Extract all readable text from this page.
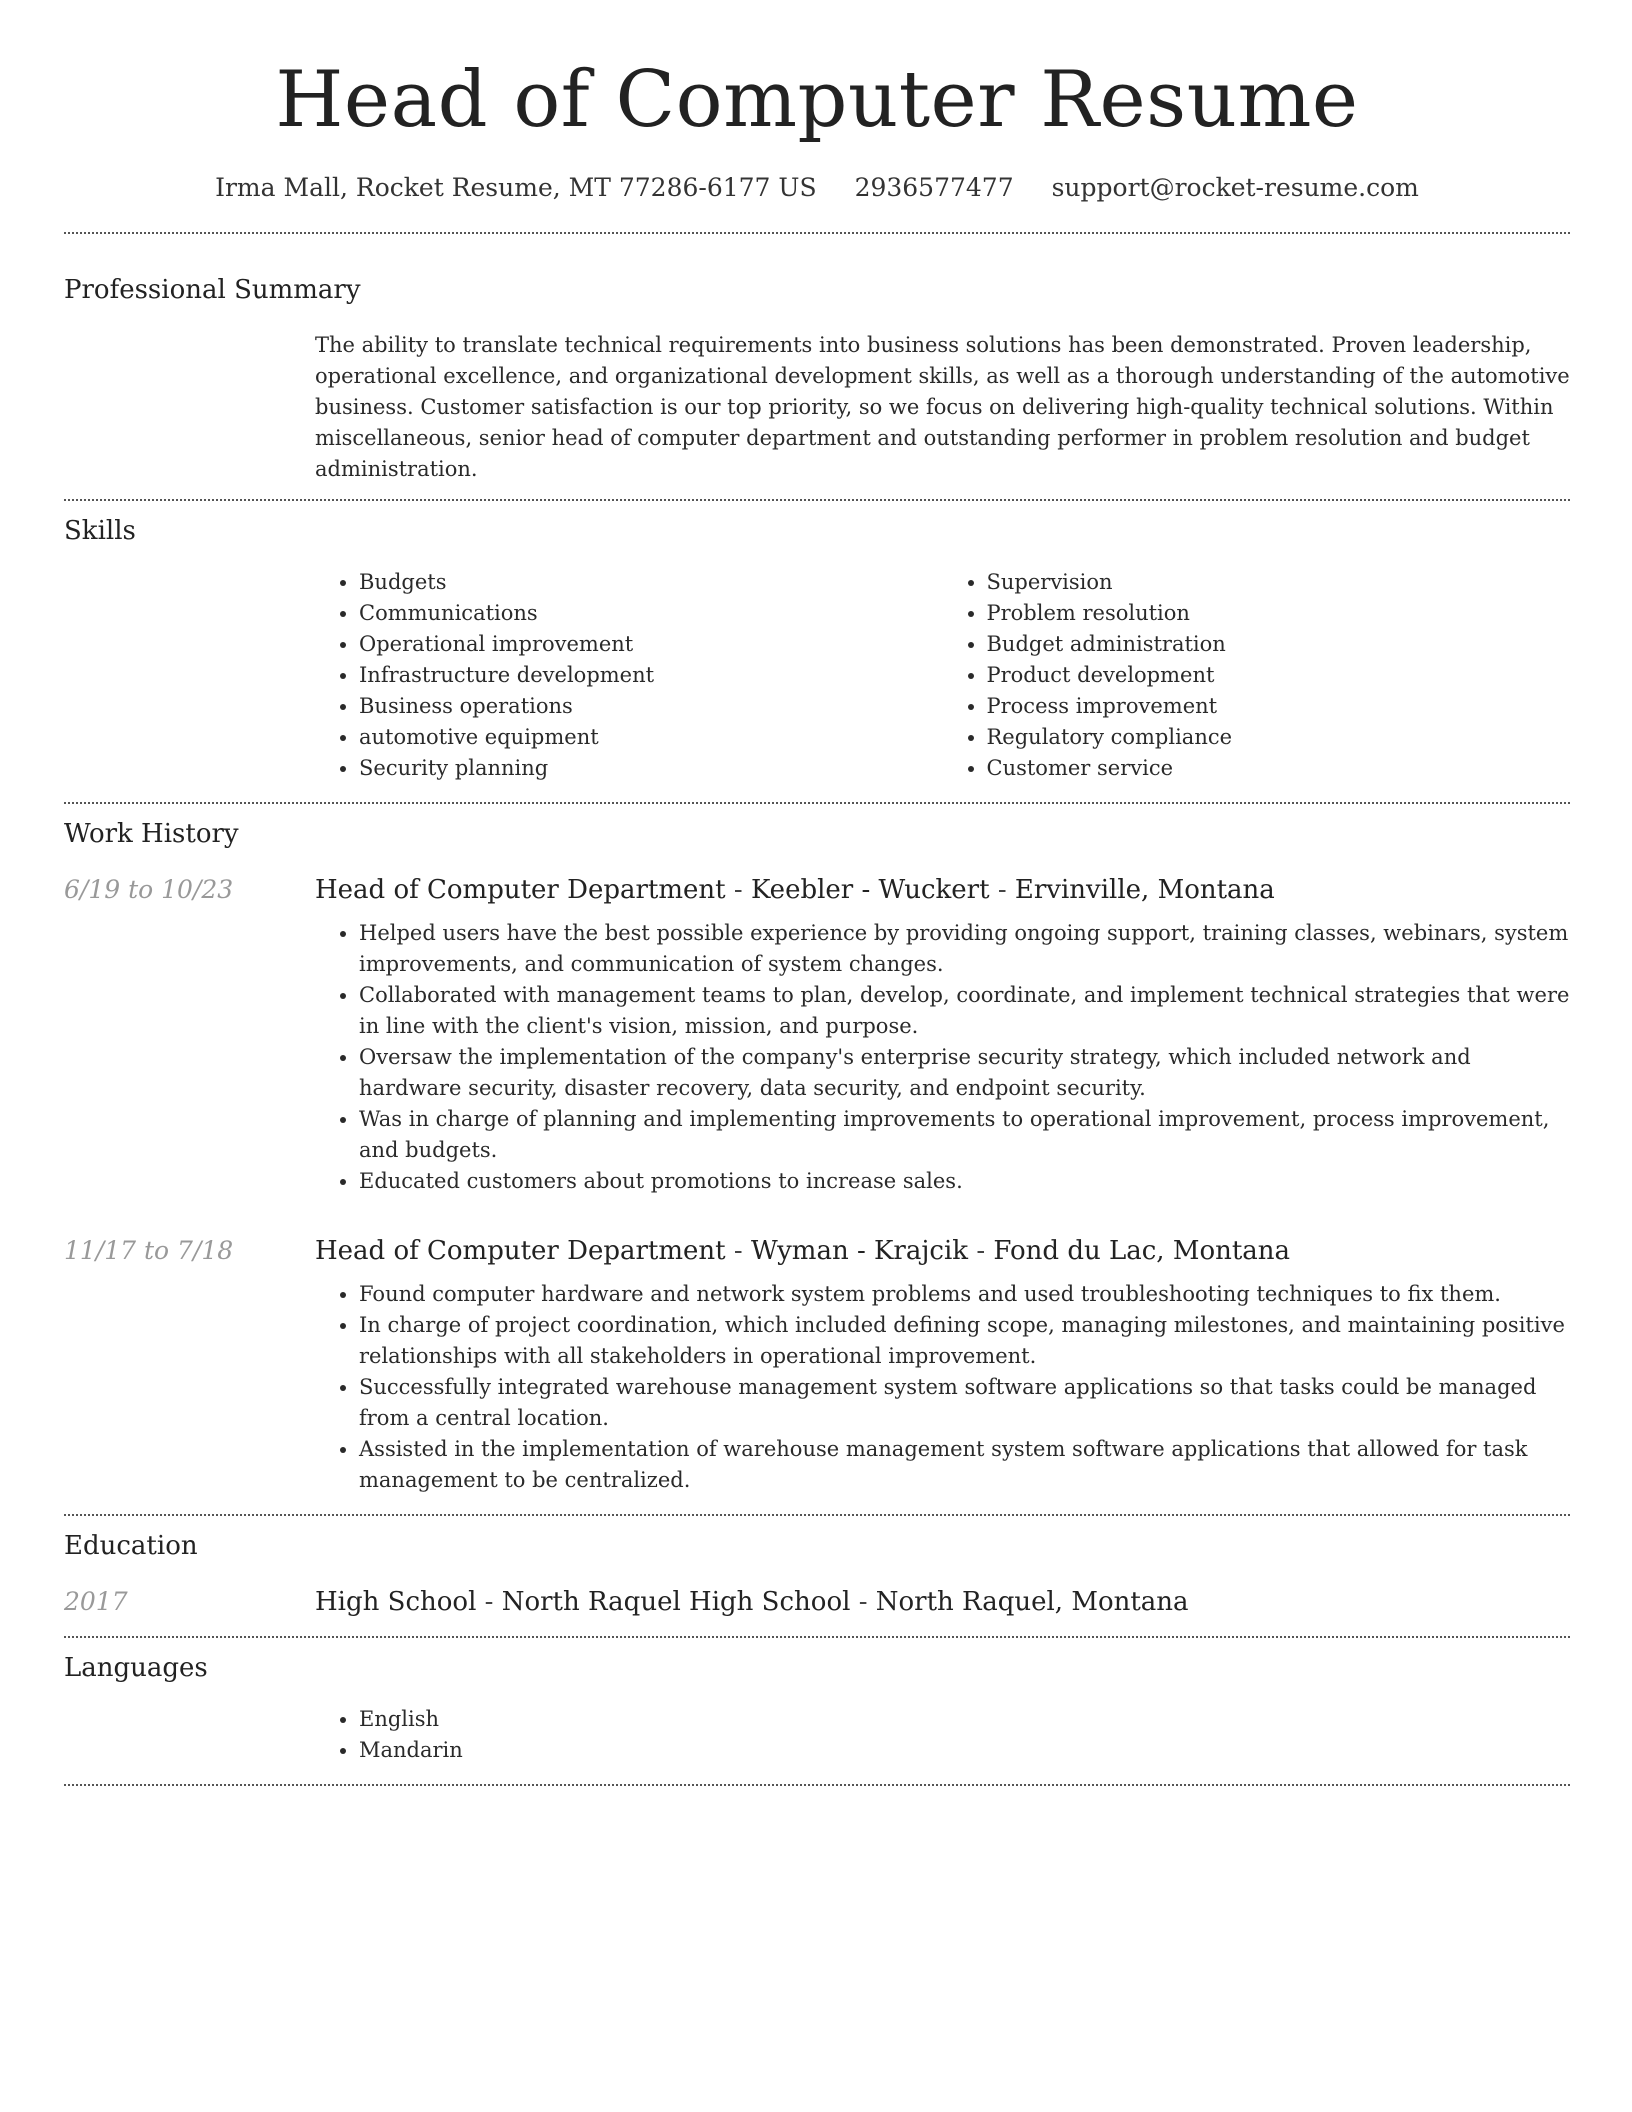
Head of Computer Resume
Irma Mall, Rocket Resume, MT 77286-6177 US 2936577477 support@rocket-resume.com
Professional Summary
The ability to translate technical requirements into business solutions has been demonstrated. Proven leadership, operational excellence, and organizational development skills, as well as a thorough understanding of the automotive business. Customer satisfaction is our top priority, so we focus on delivering high-quality technical solutions. Within miscellaneous, senior head of computer department and outstanding performer in problem resolution and budget administration.
Skills
• Budgets
• Communications
• Operational improvement
• Infrastructure development
• Business operations
• automotive equipment
• Security planning
• Supervision
• Problem resolution
• Budget administration
• Product development
• Process improvement
• Regulatory compliance
• Customer service
Work History
6/19 to 10/23	Head of Computer Department - Keebler - Wuckert - Ervinville, Montana
• Helped users have the best possible experience by providing ongoing support, training classes, webinars, system improvements, and communication of system changes.
• Collaborated with management teams to plan, develop, coordinate, and implement technical strategies that were in line with the client's vision, mission, and purpose.
• Oversaw the implementation of the company's enterprise security strategy, which included network and hardware security, disaster recovery, data security, and endpoint security.
• Was in charge of planning and implementing improvements to operational improvement, process improvement, and budgets.
• Educated customers about promotions to increase sales.
11/17 to 7/18	Head of Computer Department - Wyman - Krajcik - Fond du Lac, Montana
• Found computer hardware and network system problems and used troubleshooting techniques to fix them.
• In charge of project coordination, which included defining scope, managing milestones, and maintaining positive relationships with all stakeholders in operational improvement.
• Successfully integrated warehouse management system software applications so that tasks could be managed from a central location.
• Assisted in the implementation of warehouse management system software applications that allowed for task management to be centralized.
Education
2017	High School - North Raquel High School - North Raquel, Montana
Languages
• English
• Mandarin
